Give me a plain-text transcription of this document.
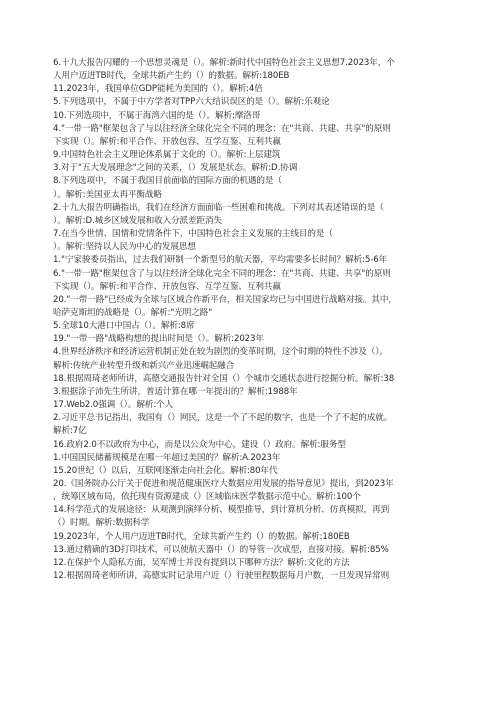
6.十九大报告闪耀的一个思想灵魂是（）。解析:新时代中国特色社会主义思想7.2023年，个
人用户迈进TB时代，全球共新产生约（）的数据。解析:180EB
11.2023年，我国单位GDP能耗为美国的（）。解析:4倍
5.下列选项中，不属于中方学者对TPP六大结识误区的是（）。解析:乐观论
10.下列选项中，不属于海湾六国的是（）。解析:摩洛哥
4."一带一路"框架包含了与以往经济全球化完全不同的理念：在"共商、共建、共享"的原则
下实现（）。解析:和平合作、开放包容、互学互鉴、互利共赢
9.中国特色社会主义理论体系属于文化的（）。解析:上层建筑
3.对于"五大发展理念"之间的关系，（）发展是状态。解析:D.协调
8.下列选项中，不属于我国目前面临的国际方面的机遇的是（
）。解析:美国亚太再平衡战略
2.十九大报告明确指出，我们在经济方面面临一些困难和挑战。下列对其表述错误的是（
）。解析:D.城乡区域发展和收入分派差距消失
7.在当今世情、国情和党情条件下，中国特色社会主义发展的主线目的是（
）。解析:坚持以人民为中心的发展思想
1."宁家骏委员指出，过去我们研制一个新型号的航天器，平均需要多长时间？解析:5-6年
6."一带一路"框架包含了与以往经济全球化完全不同的理念：在"共商、共建、共享"的原则
下实现（）。解析:和平合作、开放包容、互学互鉴、互利共赢
20."一带一路"已经成为全球与区域合作新平台，相关国家均已与中国进行战略对接。其中，
哈萨克斯坦的战略是（）。解析:"光明之路"
5.全球10大港口中国占（）。解析:8席
19."一带一路"战略构想的提出时间是（）。解析:2023年
4.世界经济秩序和经济运营机制正处在较为剧烈的变革时期，这个时期的特性不涉及（）。
解析:传统产业转型升级和新兴产业迅速崛起融合
18.根据周琦老师所讲，高德交通报告针对全国（）个城市交通状态进行挖掘分析。解析:38
3.根据涂子沛先生所讲，普适计算在哪一年提出的？解析:1988年
17.Web2.0强调（）。解析:个人
2.习近平总书记指出，我国有（）网民，这是一个了不起的数字，也是一个了不起的成就。
解析:7亿
16.政府2.0不以政府为中心，而是以公众为中心，建设（）政府。解析:服务型
1.中国国民储蓄规模是在哪一年超过美国的？解析:A.2023年
15.20世纪（）以后，互联网逐渐走向社会化。解析:80年代
20.《国务院办公厅关于促进和规范健康医疗大数据应用发展的指导意见》提出，到2023年
，统筹区域布局，依托现有资源建成（）区域临床医学数据示范中心。解析:100个
14.科学范式的发展途径：从观测到演绎分析、模型推导，到计算机分析、仿真模拟，再到
（）时期。解析:数据科学
19.2023年，个人用户迈进TB时代，全球共新产生约（）的数据。解析:180EB
13.通过精确的3D打印技术，可以使航天器中（）的导管一次成型，直接对接。解析:85%
12.在保护个人隐私方面，吴军博士并没有提到以下哪种方法？解析:文化的方法
12.根据周琦老师所讲，高德实时记录用户近（）行驶里程数据每月户数，一旦发现异常则
